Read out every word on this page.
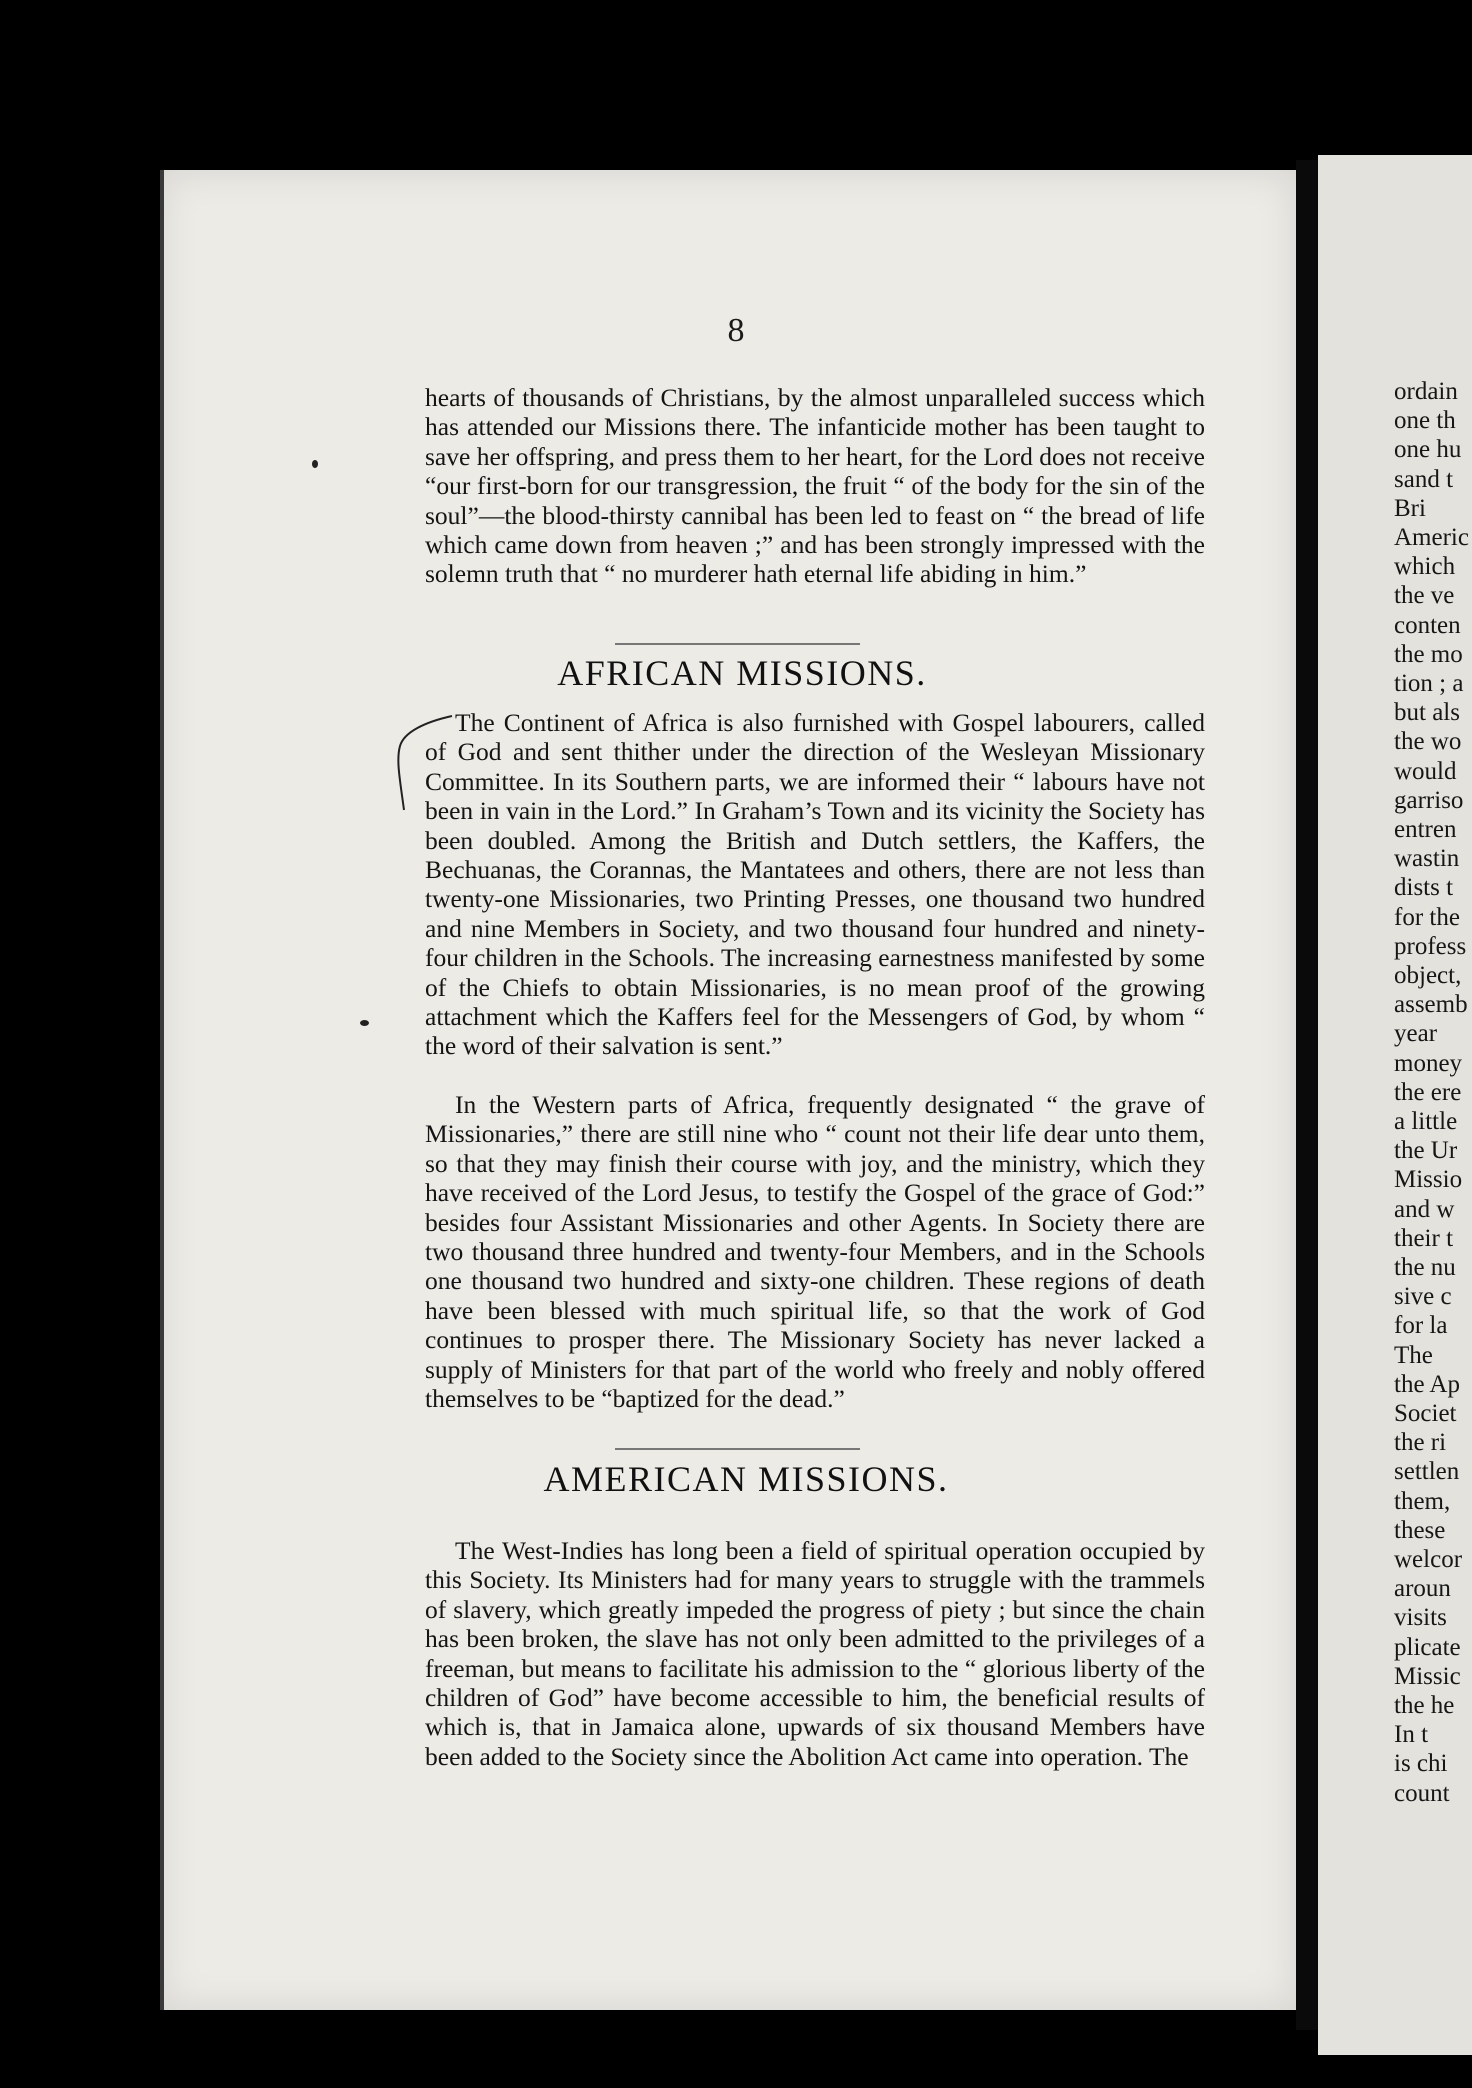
ordain
one th
one hu
sand t
Bri
Americ
which
the ve
conten
the mo
tion ; a
but als
the wo
would
garriso
entren
wastin
dists t
for the
profess
object,
assemb
year
money
the ere
a little
the Ur
Missio
and w
their t
the nu
sive c
for la
The
the Ap
Societ
the ri
settlen
them,
these
welcor
aroun
visits
plicate
Missic
the he
In t
is chi
count
8

hearts of thousands of Christians, by the almost unparalleled success which has attended our Missions there. The infanticide mother has been taught to save her offspring, and press them to her heart, for the Lord does not receive “our first-born for our transgression, the fruit “ of the body for the sin of the soul”—the blood-thirsty cannibal has been led to feast on “ the bread of life which came down from heaven ;” and has been strongly impressed with the solemn truth that “ no murderer hath eternal life abiding in him.”

AFRICAN MISSIONS.

The Continent of Africa is also furnished with Gospel labourers, called of God and sent thither under the direction of the Wesleyan Missionary Committee. In its Southern parts, we are informed their “ labours have not been in vain in the Lord.” In Graham’s Town and its vicinity the Society has been doubled. Among the British and Dutch settlers, the Kaffers, the Bechuanas, the Corannas, the Mantatees and others, there are not less than twenty-one Missionaries, two Printing Presses, one thousand two hundred and nine Members in Society, and two thousand four hundred and ninety-four children in the Schools. The increasing earnestness manifested by some of the Chiefs to obtain Missionaries, is no mean proof of the growing attachment which the Kaffers feel for the Messengers of God, by whom “ the word of their salvation is sent.”

In the Western parts of Africa, frequently designated “ the grave of Missionaries,” there are still nine who “ count not their life dear unto them, so that they may finish their course with joy, and the ministry, which they have received of the Lord Jesus, to testify the Gospel of the grace of God:” besides four Assistant Missionaries and other Agents. In Society there are two thousand three hundred and twenty-four Members, and in the Schools one thousand two hundred and sixty-one children. These regions of death have been blessed with much spiritual life, so that the work of God continues to prosper there. The Missionary Society has never lacked a supply of Ministers for that part of the world who freely and nobly offered themselves to be “baptized for the dead.”

AMERICAN MISSIONS.

The West-Indies has long been a field of spiritual operation occupied by this Society. Its Ministers had for many years to struggle with the trammels of slavery, which greatly impeded the progress of piety ; but since the chain has been broken, the slave has not only been admitted to the privileges of a freeman, but means to facilitate his admission to the “ glorious liberty of the children of God” have become accessible to him, the beneficial results of which is, that in Jamaica alone, upwards of six thousand Members have been added to the Society since the Abolition Act came into operation. The
